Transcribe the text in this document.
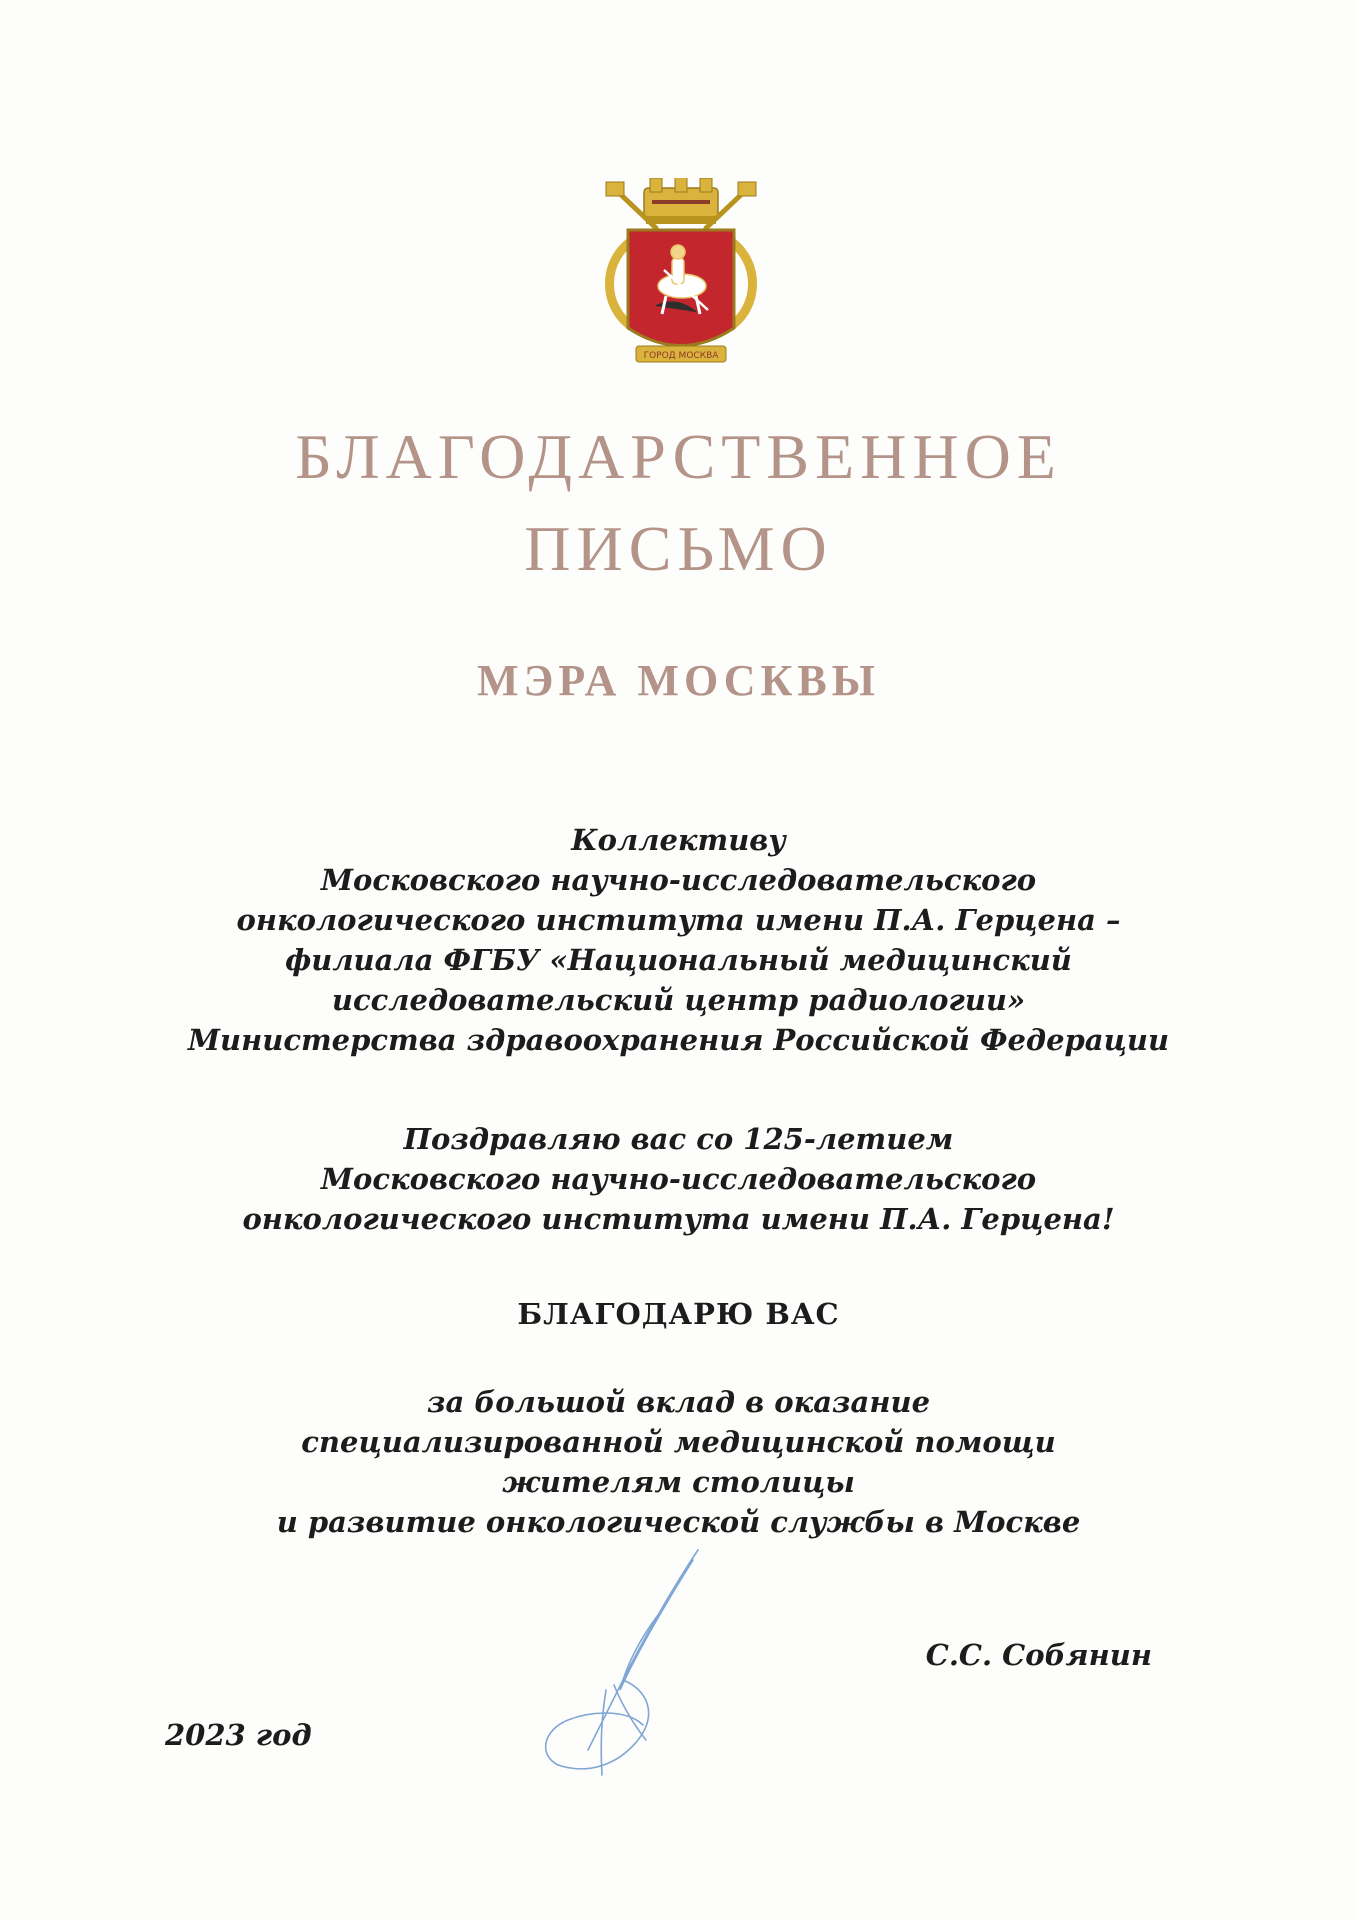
ГОРОД МОСКВА
БЛАГОДАРСТВЕННОЕ
ПИСЬМО
МЭРА МОСКВЫ

Коллективу

Московского научно-исследовательского

онкологического института имени П.А. Герцена –

филиала ФГБУ «Национальный медицинский

исследовательский центр радиологии»

Министерства здравоохранения Российской Федерации

Поздравляю вас со 125-летием

Московского научно-исследовательского

онкологического института имени П.А. Герцена!

БЛАГОДАРЮ ВАС

за большой вклад в оказание

специализированной медицинской помощи

жителям столицы

и развитие онкологической службы в Москве

С.С. Собянин
2023 год
